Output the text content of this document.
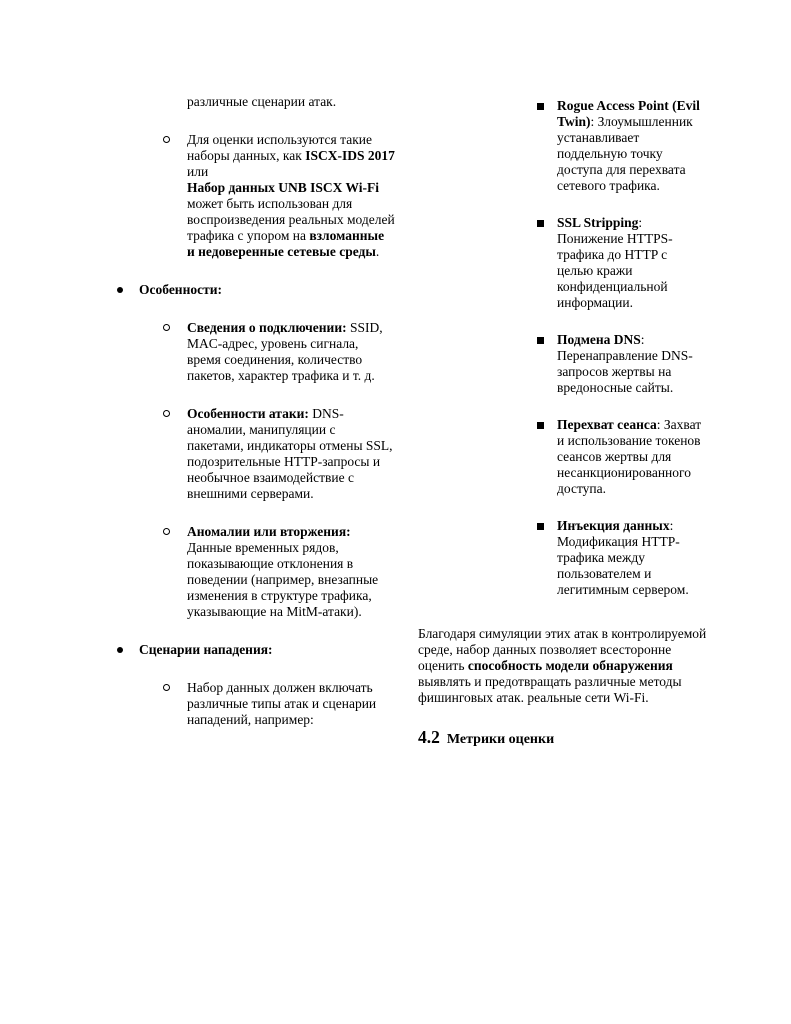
различные сценарии атак.
Для оценки используются такие наборы данных, как ISCX-IDS 2017 или
Набор данных UNB ISCX Wi-Fi
может быть использован для воспроизведения реальных моделей трафика с упором на взломанные и недоверенные сетевые среды.
Особенности:
Сведения о подключении: SSID, MAC-адрес, уровень сигнала, время соединения, количество пакетов, характер трафика и т. д.
Особенности атаки: DNS-аномалии, манипуляции с пакетами, индикаторы отмены SSL, подозрительные HTTP-запросы и необычное взаимодействие с внешними серверами.
Аномалии или вторжения: Данные временных рядов, показывающие отклонения в поведении (например, внезапные изменения в структуре трафика, указывающие на MitM-атаки).
Сценарии нападения:
Набор данных должен включать различные типы атак и сценарии нападений, например:
Rogue Access Point (Evil Twin): Злоумышленник устанавливает поддельную точку доступа для перехвата сетевого трафика.
SSL Stripping: Понижение HTTPS-трафика до HTTP с целью кражи конфиденциальной информации.
Подмена DNS: Перенаправление DNS-запросов жертвы на вредоносные сайты.
Перехват сеанса: Захват и использование токенов сеансов жертвы для несанкционированного доступа.
Инъекция данных: Модификация HTTP-трафика между пользователем и легитимным сервером.

Благодаря симуляции этих атак в контролируемой среде, набор данных позволяет всесторонне оценить способность модели обнаружения выявлять и предотвращать различные методы фишинговых атак. реальные сети Wi-Fi.

4.2 Метрики оценки
